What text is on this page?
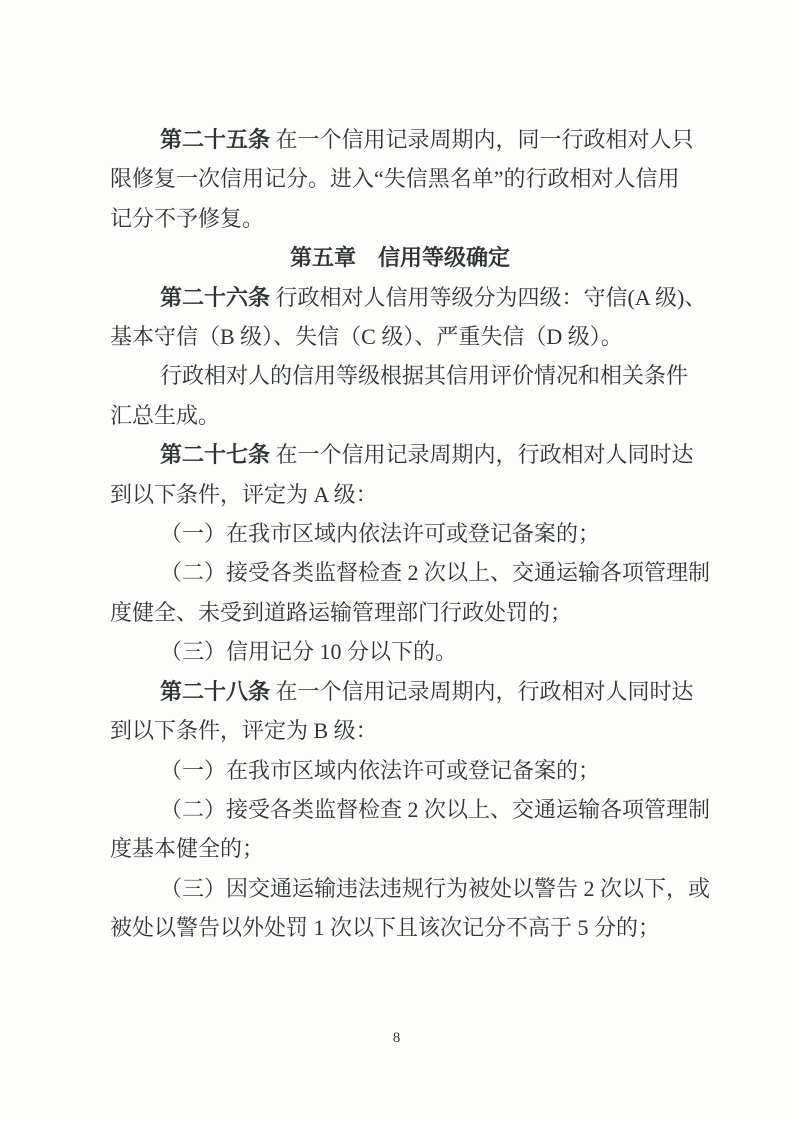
第二十五条 在一个信用记录周期内，同一行政相对人只
限修复一次信用记分。进入“失信黑名单”的行政相对人信用
记分不予修复。
第五章　信用等级确定
第二十六条 行政相对人信用等级分为四级：守信(A 级)、
基本守信（B 级）、失信（C 级）、严重失信（D 级）。
行政相对人的信用等级根据其信用评价情况和相关条件
汇总生成。
第二十七条 在一个信用记录周期内，行政相对人同时达
到以下条件，评定为 A 级：
（一）在我市区域内依法许可或登记备案的；
（二）接受各类监督检查 2 次以上、交通运输各项管理制
度健全、未受到道路运输管理部门行政处罚的；
（三）信用记分 10 分以下的。
第二十八条 在一个信用记录周期内，行政相对人同时达
到以下条件，评定为 B 级：
（一）在我市区域内依法许可或登记备案的；
（二）接受各类监督检查 2 次以上、交通运输各项管理制
度基本健全的；
（三）因交通运输违法违规行为被处以警告 2 次以下，或
被处以警告以外处罚 1 次以下且该次记分不高于 5 分的；
8
